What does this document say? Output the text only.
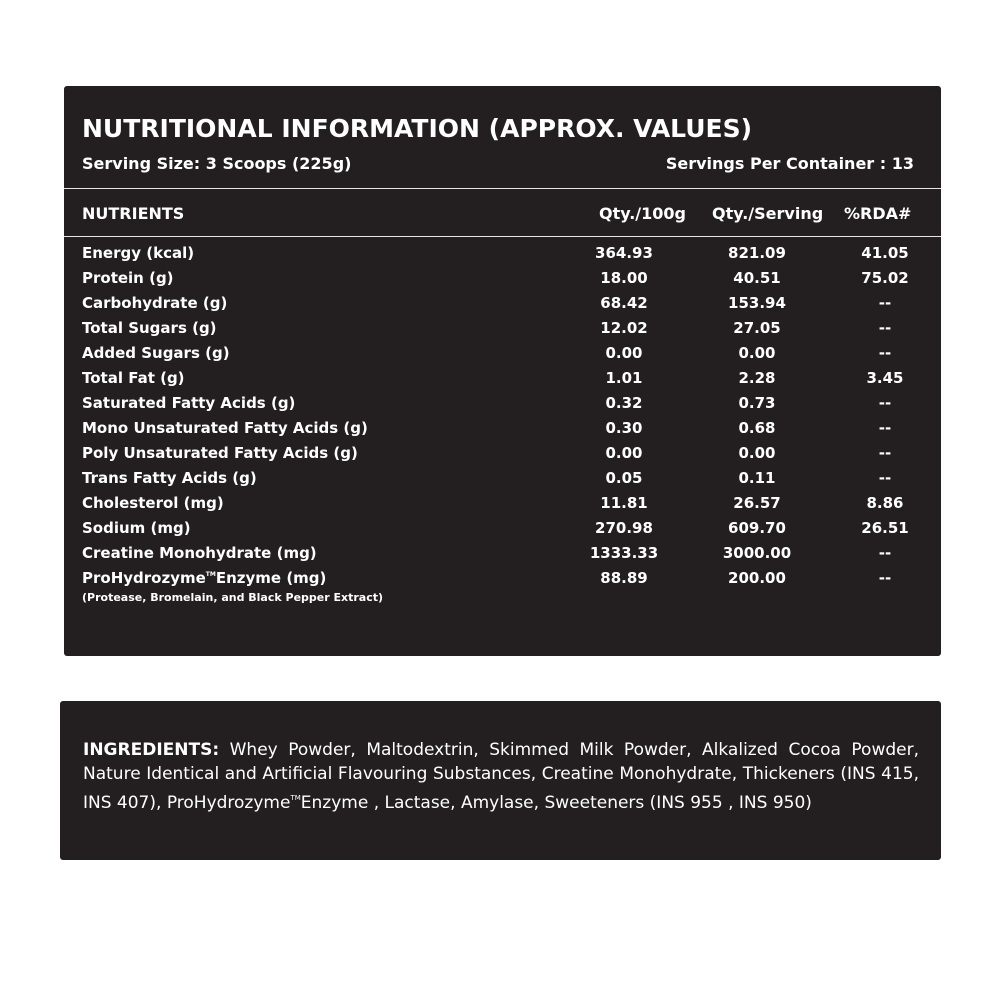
NUTRITIONAL INFORMATION (APPROX. VALUES)
Serving Size: 3 Scoops (225g)	Servings Per Container : 13
NUTRIENTS	Qty./100g Qty./Serving %RDA#
Energy (kcal)	364.93	821.09	41.05
Protein (g)	18.00	40.51	75.02
Carbohydrate (g)	68.42	153.94	--
Total Sugars (g)	12.02	27.05	--
Added Sugars (g)	0.00	0.00	--
Total Fat (g)	1.01	2.28	3.45
Saturated Fatty Acids (g)	0.32	0.73	--
Mono Unsaturated Fatty Acids (g)	0.30	0.68	--
Poly Unsaturated Fatty Acids (g)	0.00	0.00	--
Trans Fatty Acids (g)	0.05	0.11	--
Cholesterol (mg)	11.81	26.57	8.86
Sodium (mg)	270.98	609.70	26.51
Creatine Monohydrate (mg)	1333.33	3000.00	--
ProHydrozyme™Enzyme (mg)	88.89	200.00	--
(Protease, Bromelain, and Black Pepper Extract)

INGREDIENTS: Whey Powder, Maltodextrin, Skimmed Milk Powder, Alkalized Cocoa Powder, Nature Identical and Artificial Flavouring Substances, Creatine Monohydrate, Thickeners (INS 415, INS 407), ProHydrozyme™Enzyme , Lactase, Amylase, Sweeteners (INS 955 , INS 950)
